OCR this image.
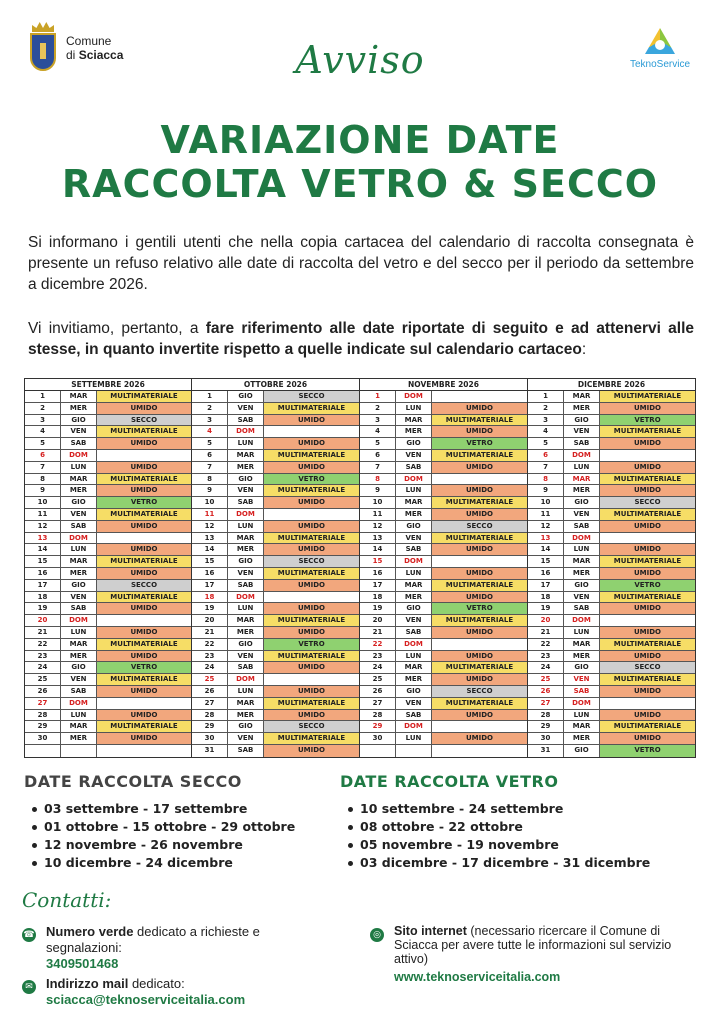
Comune
di Sciacca	Avviso	TeknoService
VARIAZIONE DATE
RACCOLTA VETRO & SECCO

Si informano i gentili utenti che nella copia cartacea del calendario di raccolta consegnata è presente un refuso relativo alle date di raccolta del vetro e del secco per il periodo da settembre a dicembre 2026.

Vi invitiamo, pertanto, a fare riferimento alle date riportate di seguito e ad attenervi alle stesse, in quanto invertite rispetto a quelle indicate sul calendario cartaceo:

SETTEMBRE 2026
1	MAR	MULTIMATERIALE
2	MER	UMIDO
3	GIO	SECCO
4	VEN	MULTIMATERIALE
5	SAB	UMIDO
6	DOM
7	LUN	UMIDO
8	MAR	MULTIMATERIALE
9	MER	UMIDO
10	GIO	VETRO
11	VEN	MULTIMATERIALE
12	SAB	UMIDO
13	DOM
14	LUN	UMIDO
15	MAR	MULTIMATERIALE
16	MER	UMIDO
17	GIO	SECCO
18	VEN	MULTIMATERIALE
19	SAB	UMIDO
20	DOM
21	LUN	UMIDO
22	MAR	MULTIMATERIALE
23	MER	UMIDO
24	GIO	VETRO
25	VEN	MULTIMATERIALE
26	SAB	UMIDO
27	DOM
28	LUN	UMIDO
29	MAR	MULTIMATERIALE
30	MER	UMIDO
OTTOBRE 2026
1	GIO	SECCO
2	VEN	MULTIMATERIALE
3	SAB	UMIDO
4	DOM
5	LUN	UMIDO
6	MAR	MULTIMATERIALE
7	MER	UMIDO
8	GIO	VETRO
9	VEN	MULTIMATERIALE
10	SAB	UMIDO
11	DOM
12	LUN	UMIDO
13	MAR	MULTIMATERIALE
14	MER	UMIDO
15	GIO	SECCO
16	VEN	MULTIMATERIALE
17	SAB	UMIDO
18	DOM
19	LUN	UMIDO
20	MAR	MULTIMATERIALE
21	MER	UMIDO
22	GIO	VETRO
23	VEN	MULTIMATERIALE
24	SAB	UMIDO
25	DOM
26	LUN	UMIDO
27	MAR	MULTIMATERIALE
28	MER	UMIDO
29	GIO	SECCO
30	VEN	MULTIMATERIALE
31	SAB	UMIDO
NOVEMBRE 2026
1	DOM
2	LUN	UMIDO
3	MAR	MULTIMATERIALE
4	MER	UMIDO
5	GIO	VETRO
6	VEN	MULTIMATERIALE
7	SAB	UMIDO
8	DOM
9	LUN	UMIDO
10	MAR	MULTIMATERIALE
11	MER	UMIDO
12	GIO	SECCO
13	VEN	MULTIMATERIALE
14	SAB	UMIDO
15	DOM
16	LUN	UMIDO
17	MAR	MULTIMATERIALE
18	MER	UMIDO
19	GIO	VETRO
20	VEN	MULTIMATERIALE
21	SAB	UMIDO
22	DOM
23	LUN	UMIDO
24	MAR	MULTIMATERIALE
25	MER	UMIDO
26	GIO	SECCO
27	VEN	MULTIMATERIALE
28	SAB	UMIDO
29	DOM
30	LUN	UMIDO
DICEMBRE 2026
1	MAR	MULTIMATERIALE
2	MER	UMIDO
3	GIO	VETRO
4	VEN	MULTIMATERIALE
5	SAB	UMIDO
6	DOM
7	LUN	UMIDO
8	MAR	MULTIMATERIALE
9	MER	UMIDO
10	GIO	SECCO
11	VEN	MULTIMATERIALE
12	SAB	UMIDO
13	DOM
14	LUN	UMIDO
15	MAR	MULTIMATERIALE
16	MER	UMIDO
17	GIO	VETRO
18	VEN	MULTIMATERIALE
19	SAB	UMIDO
20	DOM
21	LUN	UMIDO
22	MAR	MULTIMATERIALE
23	MER	UMIDO
24	GIO	SECCO
25	VEN	MULTIMATERIALE
26	SAB	UMIDO
27	DOM
28	LUN	UMIDO
29	MAR	MULTIMATERIALE
30	MER	UMIDO
31	GIO	VETRO
DATE RACCOLTA SECCO	DATE RACCOLTA VETRO
03 settembre - 17 settembre
01 ottobre - 15 ottobre - 29 ottobre
12 novembre - 26 novembre
10 dicembre - 24 dicembre
10 settembre - 24 settembre
08 ottobre - 22 ottobre
05 novembre - 19 novembre
03 dicembre - 17 dicembre - 31 dicembre
Contatti:
☎
Numero verde dedicato a richieste e segnalazioni:
3409501468
✉
Indirizzo mail dedicato:
sciacca@teknoserviceitalia.com
◎
Sito internet (necessario ricercare il Comune di Sciacca per avere tutte le informazioni sul servizio attivo)
www.teknoserviceitalia.com
